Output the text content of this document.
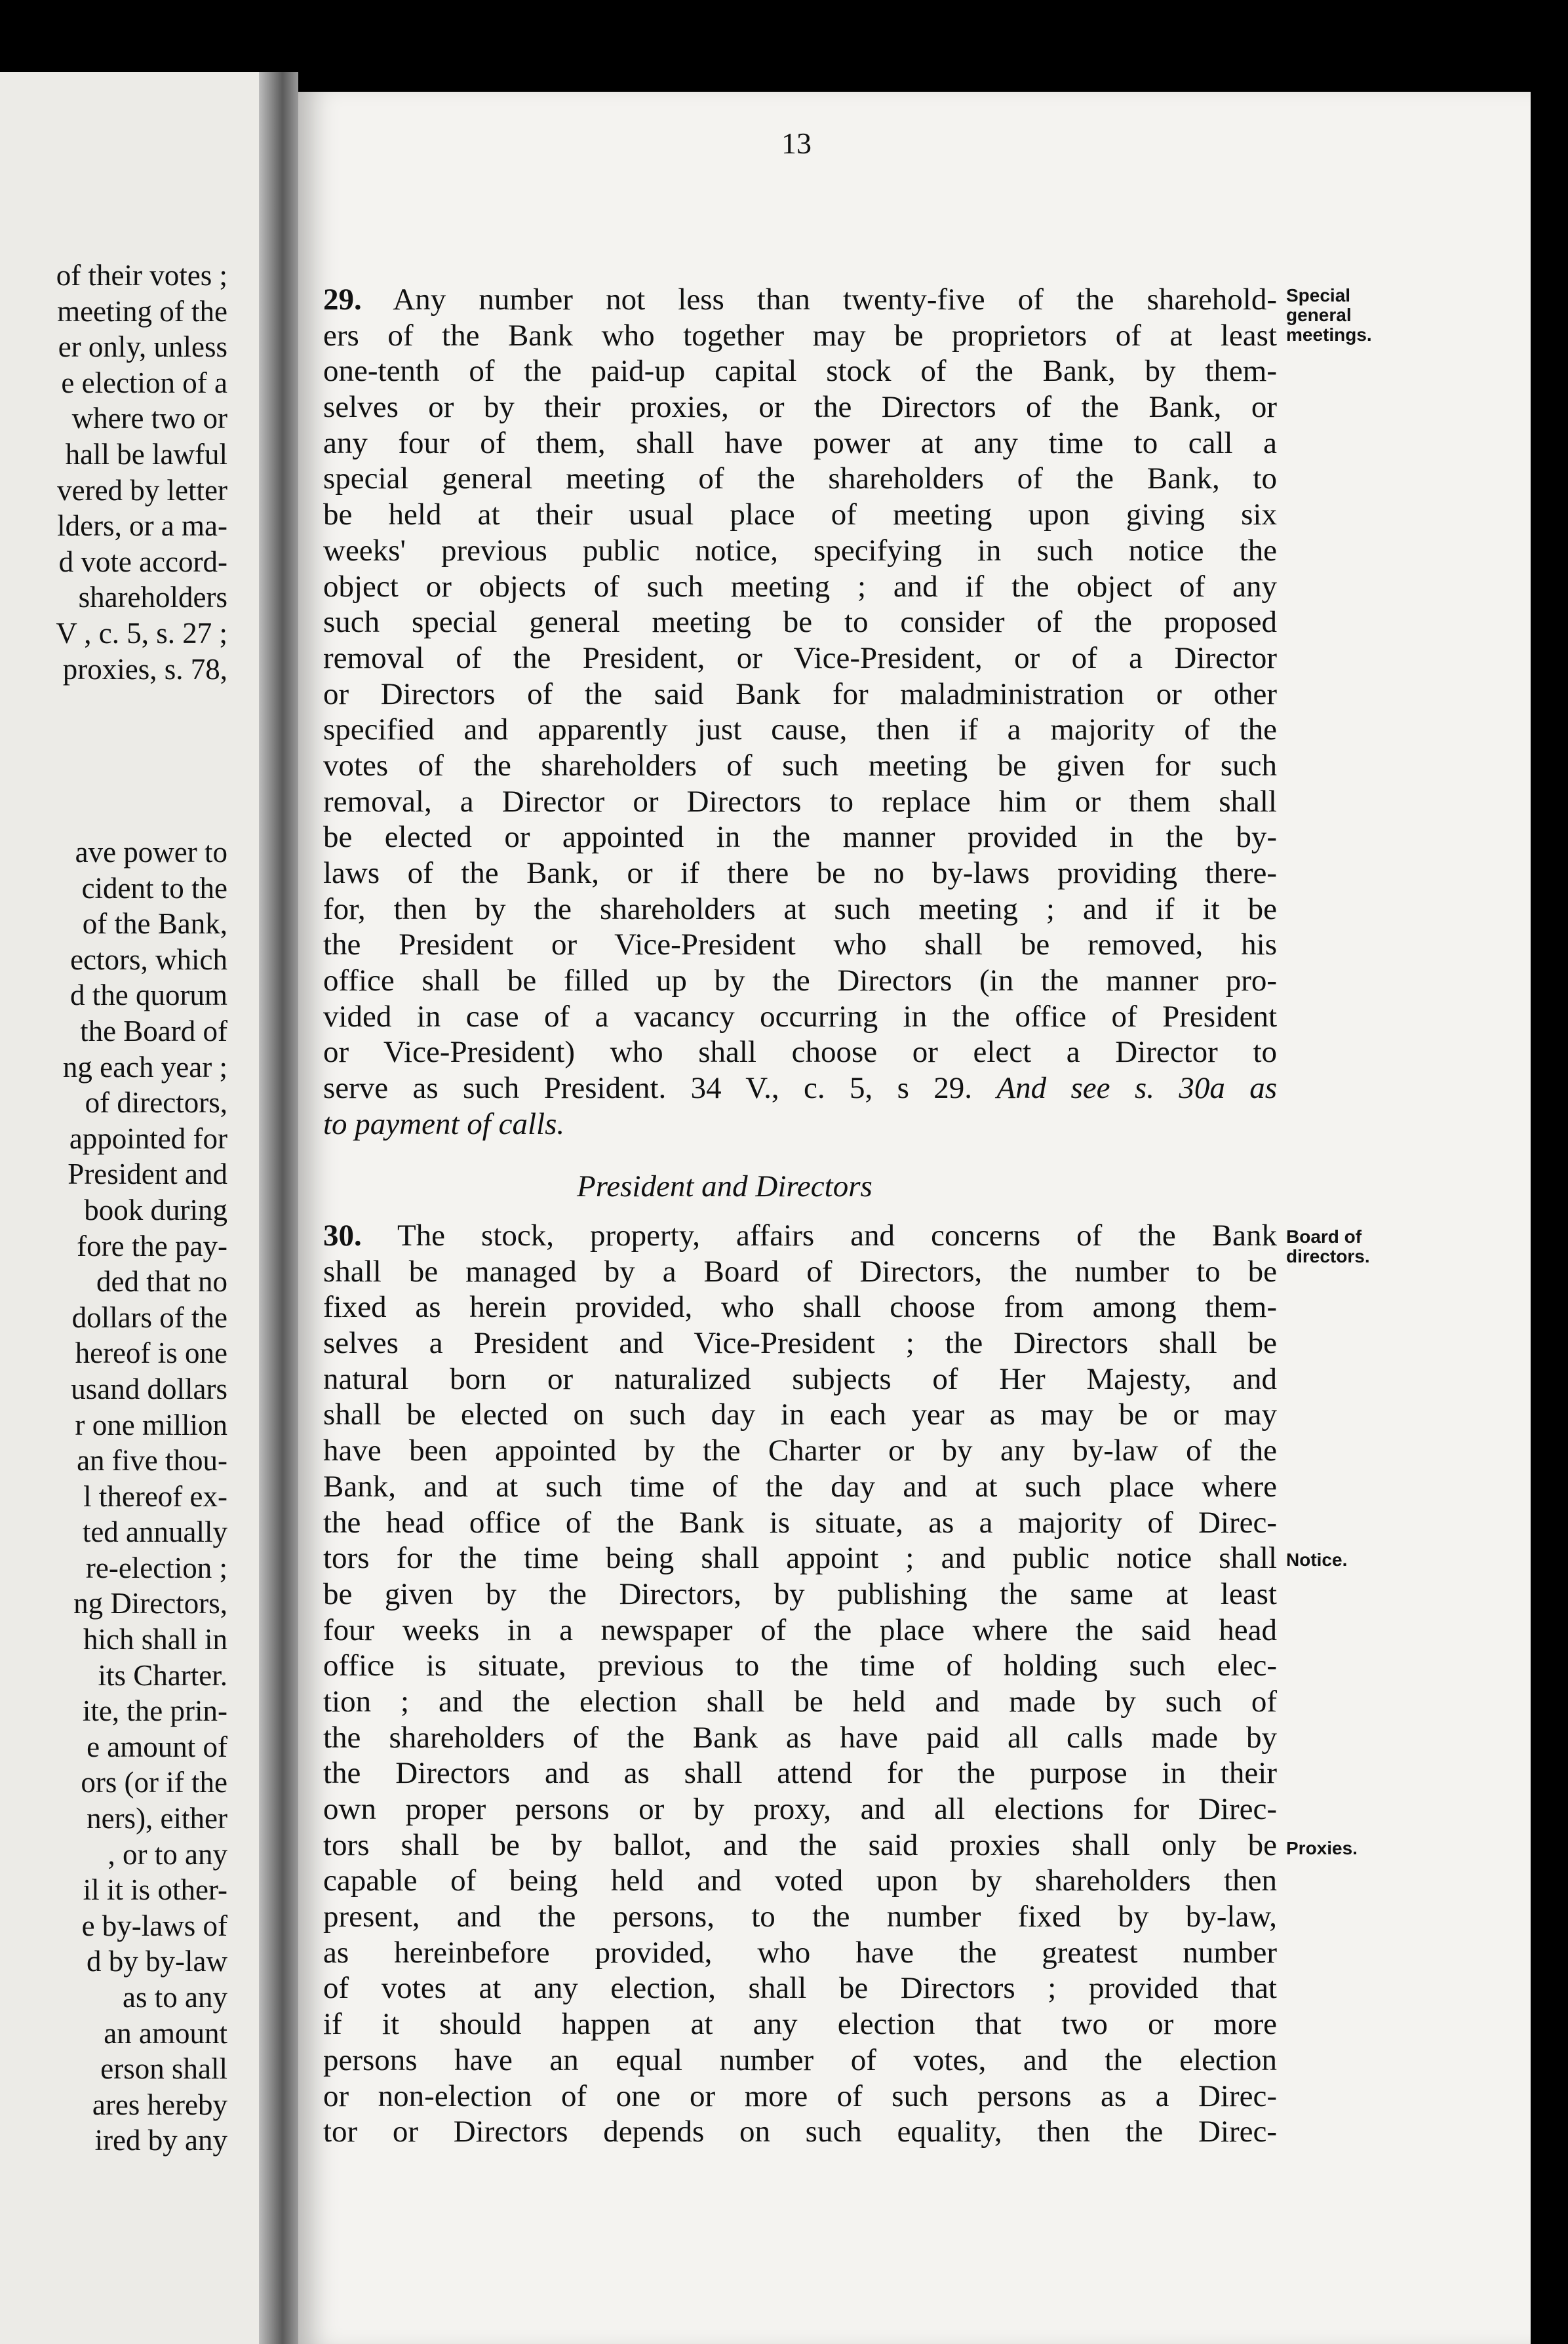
of their votes ;
meeting of the
er only, unless
e election of a
where two or
hall be lawful
vered by letter
lders, or a ma-
d vote accord-
shareholders
V , c. 5, s. 27 ;
proxies, s. 78,
ave power to
cident to the
of the Bank,
ectors, which
d the quorum
the Board of
ng each year ;
of directors,
appointed for
President and
book during
fore the pay-
ded that no
dollars of the
hereof is one
usand dollars
r one million
an five thou-
l thereof ex-
ted annually
re-election ;
ng Directors,
hich shall in
its Charter.
ite, the prin-
e amount of
ors (or if the
ners), either
, or to any
il it is other-
e by-laws of
d by by-law
as to any
an amount
erson shall
ares hereby
ired by any
13
29. Any number not less than twenty-five of the sharehold-
ers of the Bank who together may be proprietors of at least
one-tenth of the paid-up capital stock of the Bank, by them-
selves or by their proxies, or the Directors of the Bank, or
any four of them, shall have power at any time to call a
special general meeting of the shareholders of the Bank, to
be held at their usual place of meeting upon giving six
weeks' previous public notice, specifying in such notice the
object or objects of such meeting ; and if the object of any
such special general meeting be to consider of the proposed
removal of the President, or Vice-President, or of a Director
or Directors of the said Bank for maladministration or other
specified and apparently just cause, then if a majority of the
votes of the shareholders of such meeting be given for such
removal, a Director or Directors to replace him or them shall
be elected or appointed in the manner provided in the by-
laws of the Bank, or if there be no by-laws providing there-
for, then by the shareholders at such meeting ; and if it be
the President or Vice-President who shall be removed, his
office shall be filled up by the Directors (in the manner pro-
vided in case of a vacancy occurring in the office of President
or Vice-President) who shall choose or elect a Director to
serve as such President. 34 V., c. 5, s 29. And see s. 30a as
to payment of calls.
President and Directors
30. The stock, property, affairs and concerns of the Bank
shall be managed by a Board of Directors, the number to be
fixed as herein provided, who shall choose from among them-
selves a President and Vice-President ; the Directors shall be
natural born or naturalized subjects of Her Majesty, and
shall be elected on such day in each year as may be or may
have been appointed by the Charter or by any by-law of the
Bank, and at such time of the day and at such place where
the head office of the Bank is situate, as a majority of Direc-
tors for the time being shall appoint ; and public notice shall
be given by the Directors, by publishing the same at least
four weeks in a newspaper of the place where the said head
office is situate, previous to the time of holding such elec-
tion ; and the election shall be held and made by such of
the shareholders of the Bank as have paid all calls made by
the Directors and as shall attend for the purpose in their
own proper persons or by proxy, and all elections for Direc-
tors shall be by ballot, and the said proxies shall only be
capable of being held and voted upon by shareholders then
present, and the persons, to the number fixed by by-law,
as hereinbefore provided, who have the greatest number
of votes at any election, shall be Directors ; provided that
if it should happen at any election that two or more
persons have an equal number of votes, and the election
or non-election of one or more of such persons as a Direc-
tor or Directors depends on such equality, then the Direc-
Special
general
meetings.
Board of
directors.
Notice.
Proxies.
